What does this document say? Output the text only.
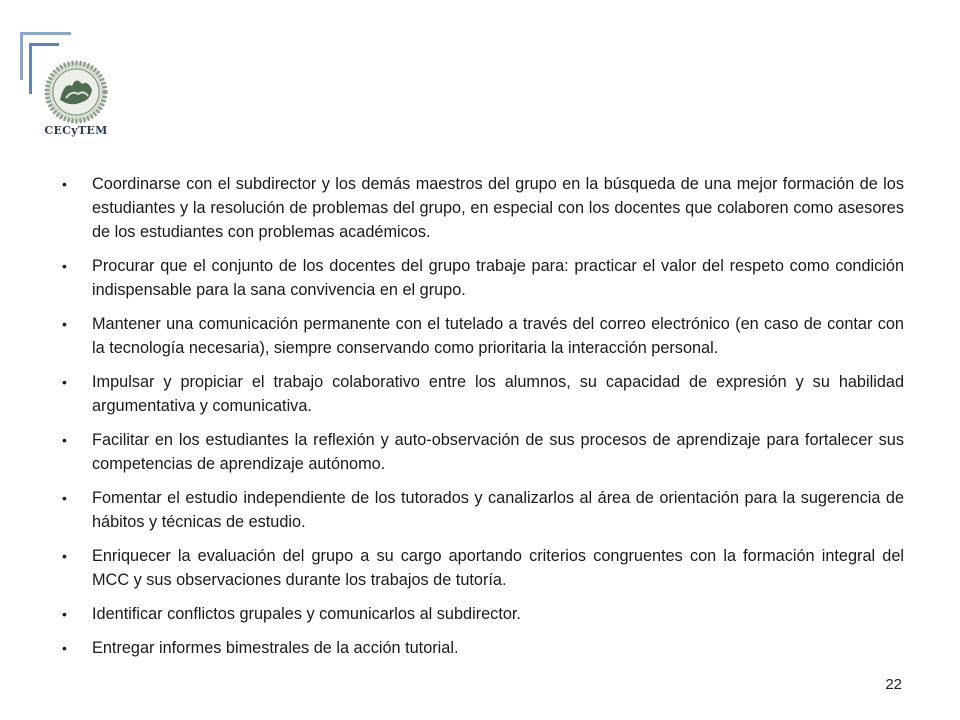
CECyTEM
• Coordinarse con el subdirector y los demás maestros del grupo en la búsqueda de una mejor formación de los estudiantes y la resolución de problemas del grupo, en especial con los docentes que colaboren como asesores de los estudiantes con problemas académicos.
• Procurar que el conjunto de los docentes del grupo trabaje para: practicar el valor del respeto como condición indispensable para la sana convivencia en el grupo.
• Mantener una comunicación permanente con el tutelado a través del correo electrónico (en caso de contar con la tecnología necesaria), siempre conservando como prioritaria la interacción personal.
• Impulsar y propiciar el trabajo colaborativo entre los alumnos, su capacidad de expresión y su habilidad argumentativa y comunicativa.
• Facilitar en los estudiantes la reflexión y auto-observación de sus procesos de aprendizaje para fortalecer sus competencias de aprendizaje autónomo.
• Fomentar el estudio independiente de los tutorados y canalizarlos al área de orientación para la sugerencia de hábitos y técnicas de estudio.
• Enriquecer la evaluación del grupo a su cargo aportando criterios congruentes con la formación integral del MCC y sus observaciones durante los trabajos de tutoría.
• Identificar conflictos grupales y comunicarlos al subdirector.
• Entregar informes bimestrales de la acción tutorial.
22
